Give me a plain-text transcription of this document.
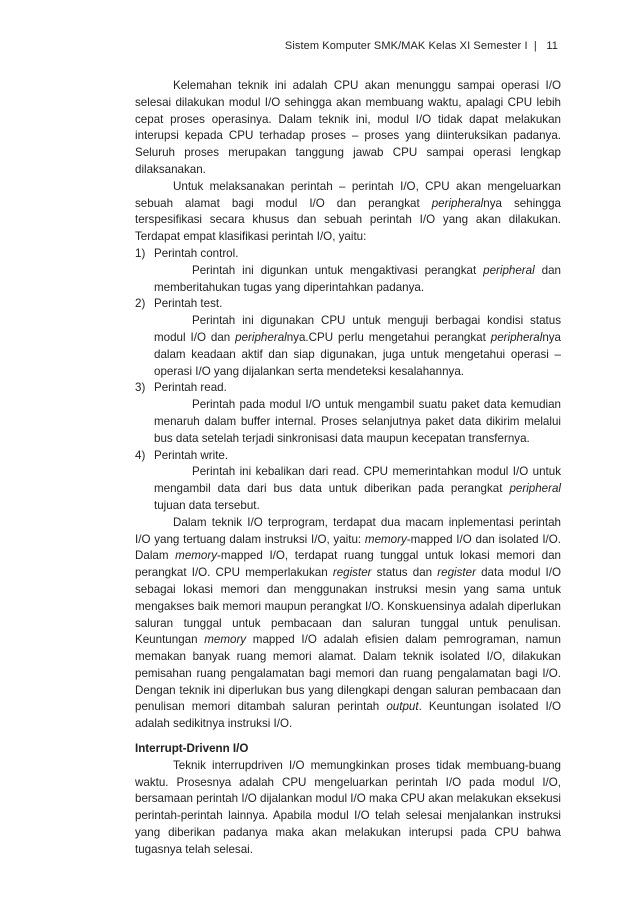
Sistem Komputer SMK/MAK Kelas XI Semester I  |   11

Kelemahan teknik ini adalah CPU akan menunggu sampai operasi I/O selesai dilakukan modul I/O sehingga akan membuang waktu, apalagi CPU lebih cepat proses operasinya. Dalam teknik ini, modul I/O tidak dapat melakukan interupsi kepada CPU terhadap proses – proses yang diinteruksikan padanya. Seluruh proses merupakan tanggung jawab CPU sampai operasi lengkap dilaksanakan.

Untuk melaksanakan perintah – perintah I/O, CPU akan mengeluarkan sebuah alamat bagi modul I/O dan perangkat peripheralnya sehingga terspesifikasi secara khusus dan sebuah perintah I/O yang akan dilakukan. Terdapat empat klasifikasi perintah I/O, yaitu:

1) Perintah control.

Perintah ini digunkan untuk mengaktivasi perangkat peripheral dan memberitahukan tugas yang diperintahkan padanya.

2) Perintah test.

Perintah ini digunakan CPU untuk menguji berbagai kondisi status modul I/O dan peripheralnya.CPU perlu mengetahui perangkat peripheralnya dalam keadaan aktif dan siap digunakan, juga untuk mengetahui operasi – operasi I/O yang dijalankan serta mendeteksi kesalahannya.

3) Perintah read.

Perintah pada modul I/O untuk mengambil suatu paket data kemudian menaruh dalam buffer internal. Proses selanjutnya paket data dikirim melalui bus data setelah terjadi sinkronisasi data maupun kecepatan transfernya.

4) Perintah write.

Perintah ini kebalikan dari read. CPU memerintahkan modul I/O untuk mengambil data dari bus data untuk diberikan pada perangkat peripheral tujuan data tersebut.

Dalam teknik I/O terprogram, terdapat dua macam inplementasi perintah I/O yang tertuang dalam instruksi I/O, yaitu: memory-mapped I/O dan isolated I/O. Dalam memory-mapped I/O, terdapat ruang tunggal untuk lokasi memori dan perangkat I/O. CPU memperlakukan register status dan register data modul I/O sebagai lokasi memori dan menggunakan instruksi mesin yang sama untuk mengakses baik memori maupun perangkat I/O. Konskuensinya adalah diperlukan saluran tunggal untuk pembacaan dan saluran tunggal untuk penulisan. Keuntungan memory mapped I/O adalah efisien dalam pemrograman, namun memakan banyak ruang memori alamat. Dalam teknik isolated I/O, dilakukan pemisahan ruang pengalamatan bagi memori dan ruang pengalamatan bagi I/O. Dengan teknik ini diperlukan bus yang dilengkapi dengan saluran pembacaan dan penulisan memori ditambah saluran perintah output. Keuntungan isolated I/O adalah sedikitnya instruksi I/O.

Interrupt-Drivenn I/O

Teknik interrupdriven I/O memungkinkan proses tidak membuang-buang waktu. Prosesnya adalah CPU mengeluarkan perintah I/O pada modul I/O, bersamaan perintah I/O dijalankan modul I/O maka CPU akan melakukan eksekusi perintah-perintah lainnya. Apabila modul I/O telah selesai menjalankan instruksi yang diberikan padanya maka akan melakukan interupsi pada CPU bahwa tugasnya telah selesai.
